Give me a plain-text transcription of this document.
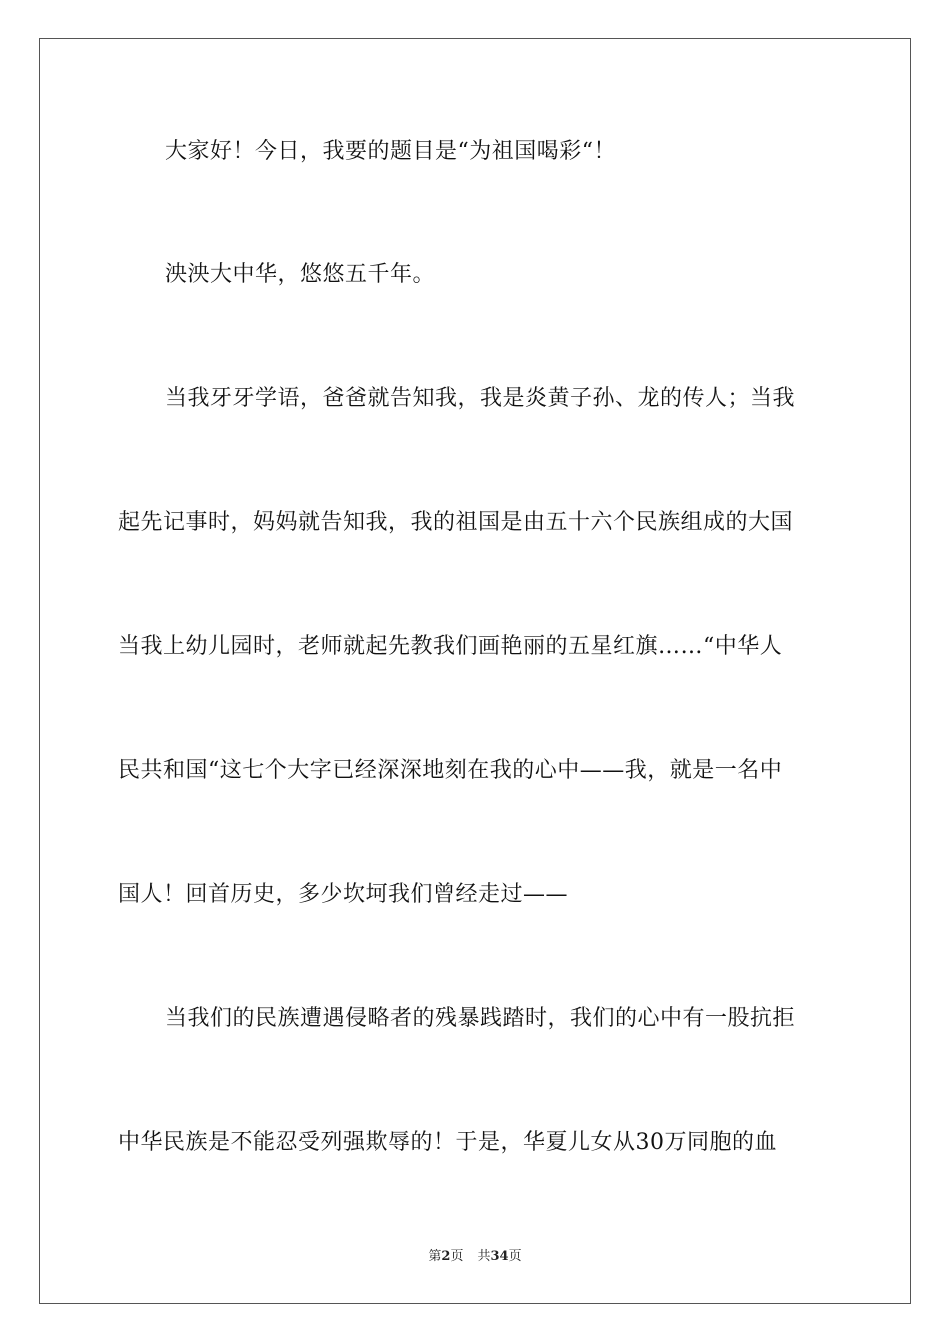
大家好！今日，我要的题目是“为祖国喝彩“！
泱泱大中华，悠悠五千年。
当我牙牙学语，爸爸就告知我，我是炎黄子孙、龙的传人；当我
起先记事时，妈妈就告知我，我的祖国是由五十六个民族组成的大国
当我上幼儿园时，老师就起先教我们画艳丽的五星红旗……“中华人
民共和国“这七个大字已经深深地刻在我的心中——我，就是一名中
国人！回首历史，多少坎坷我们曾经走过——
当我们的民族遭遇侵略者的残暴践踏时，我们的心中有一股抗拒
中华民族是不能忍受列强欺辱的！于是，华夏儿女从30万同胞的血
第2页 共34页
